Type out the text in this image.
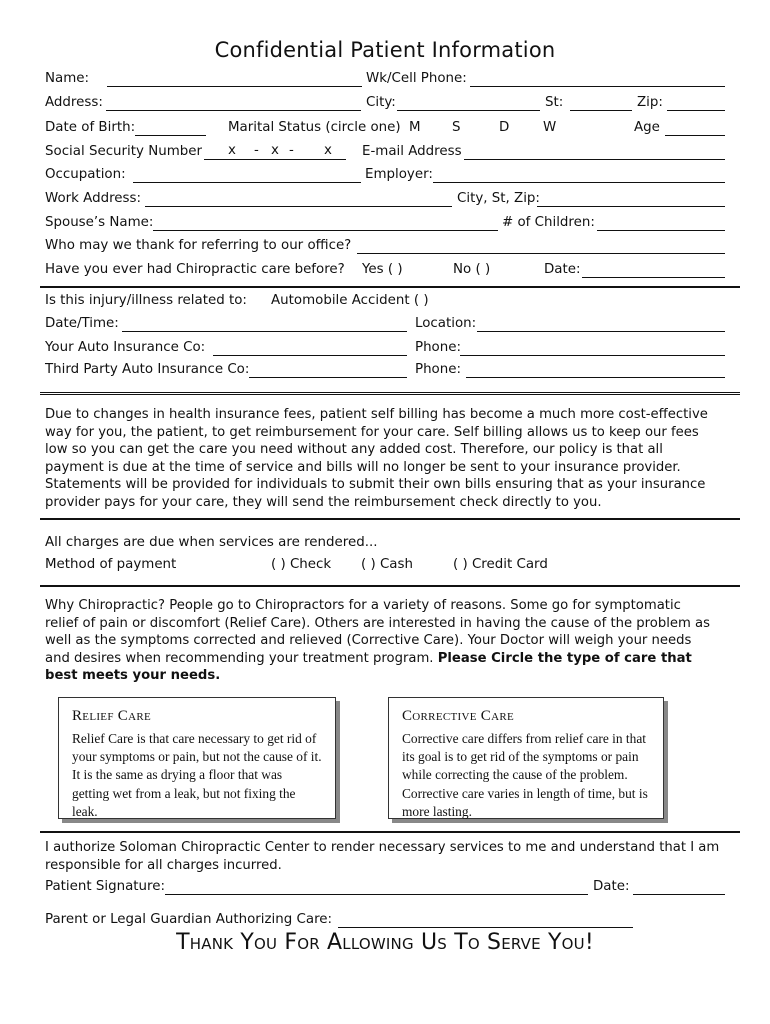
Confidential Patient Information
Name:	Wk/Cell Phone:
Address:	City:	St:	Zip:
Date of Birth:	Marital Status (circle one) M S	D	W	Age
Social Security Number x - x - x E-mail Address
Occupation:	Employer:
Work Address:	City, St, Zip:
Spouse’s Name:	# of Children:
Who may we thank for referring to our office?
Have you ever had Chiropractic care before? Yes ( )	No ( )	Date:
Is this injury/illness related to: Automobile Accident ( )
Date/Time:	Location:
Your Auto Insurance Co:	Phone:
Third Party Auto Insurance Co:	Phone:
Due to changes in health insurance fees, patient self billing has become a much more cost-effective way for you, the patient, to get reimbursement for your care. Self billing allows us to keep our fees low so you can get the care you need without any added cost. Therefore, our policy is that all payment is due at the time of service and bills will no longer be sent to your insurance provider. Statements will be provided for individuals to submit their own bills ensuring that as your insurance provider pays for your care, they will send the reimbursement check directly to you.
All charges are due when services are rendered...
Method of payment	( ) Check ( ) Cash	( ) Credit Card
Why Chiropractic? People go to Chiropractors for a variety of reasons. Some go for symptomatic relief of pain or discomfort (Relief Care). Others are interested in having the cause of the problem as well as the symptoms corrected and relieved (Corrective Care). Your Doctor will weigh your needs and desires when recommending your treatment program. Please Circle the type of care that best meets your needs.
Relief Care
Relief Care is that care necessary to get rid of your symptoms or pain, but not the cause of it. It is the same as drying a floor that was getting wet from a leak, but not fixing the leak.
Corrective Care
Corrective care differs from relief care in that its goal is to get rid of the symptoms or pain while correcting the cause of the problem. Corrective care varies in length of time, but is more lasting.
I authorize Soloman Chiropractic Center to render necessary services to me and understand that I am responsible for all charges incurred.
Patient Signature:	Date:
Parent or Legal Guardian Authorizing Care:
Thank You For Allowing Us To Serve You!
